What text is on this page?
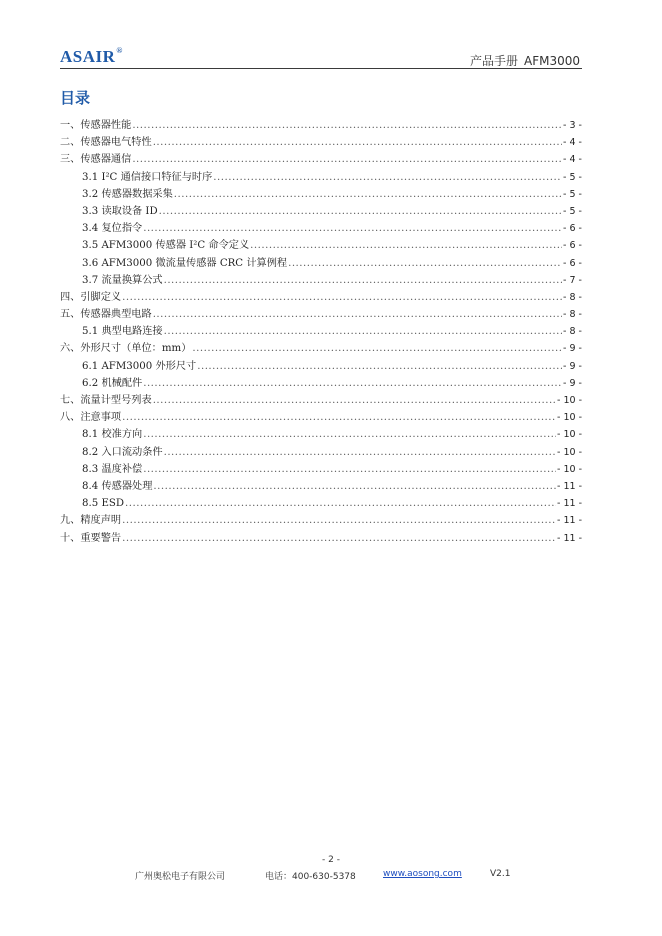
ASAIR®
产品手册 AFM3000
目录
一、传感器性能 .....	- 3 -
二、传感器电气特性 .....	- 4 -
三、传感器通信 .....	- 4 -
3.1 I²C 通信接口特征与时序 .....	- 5 -
3.2 传感器数据采集 .....	- 5 -
3.3 读取设备 ID .....	- 5 -
3.4 复位指令 .....	- 6 -
3.5 AFM3000 传感器 I²C 命令定义 .....	- 6 -
3.6 AFM3000 微流量传感器 CRC 计算例程 .....	- 6 -
3.7 流量换算公式 .....	- 7 -
四、引脚定义 .....	- 8 -
五、传感器典型电路 .....	- 8 -
5.1 典型电路连接 .....	- 8 -
六、外形尺寸（单位：mm） .....	- 9 -
6.1 AFM3000 外形尺寸 .....	- 9 -
6.2 机械配件 .....	- 9 -
七、流量计型号列表 .....	- 10 -
八、注意事项 .....	- 10 -
8.1 校准方向 .....	- 10 -
8.2 入口流动条件 .....	- 10 -
8.3 温度补偿 .....	- 10 -
8.4 传感器处理 .....	- 11 -
8.5 ESD .....	- 11 -
九、精度声明 .....	- 11 -
十、重要警告 .....	- 11 -
- 2 -
广州奥松电子有限公司	电话：400-630-5378	www.aosong.com	V2.1
